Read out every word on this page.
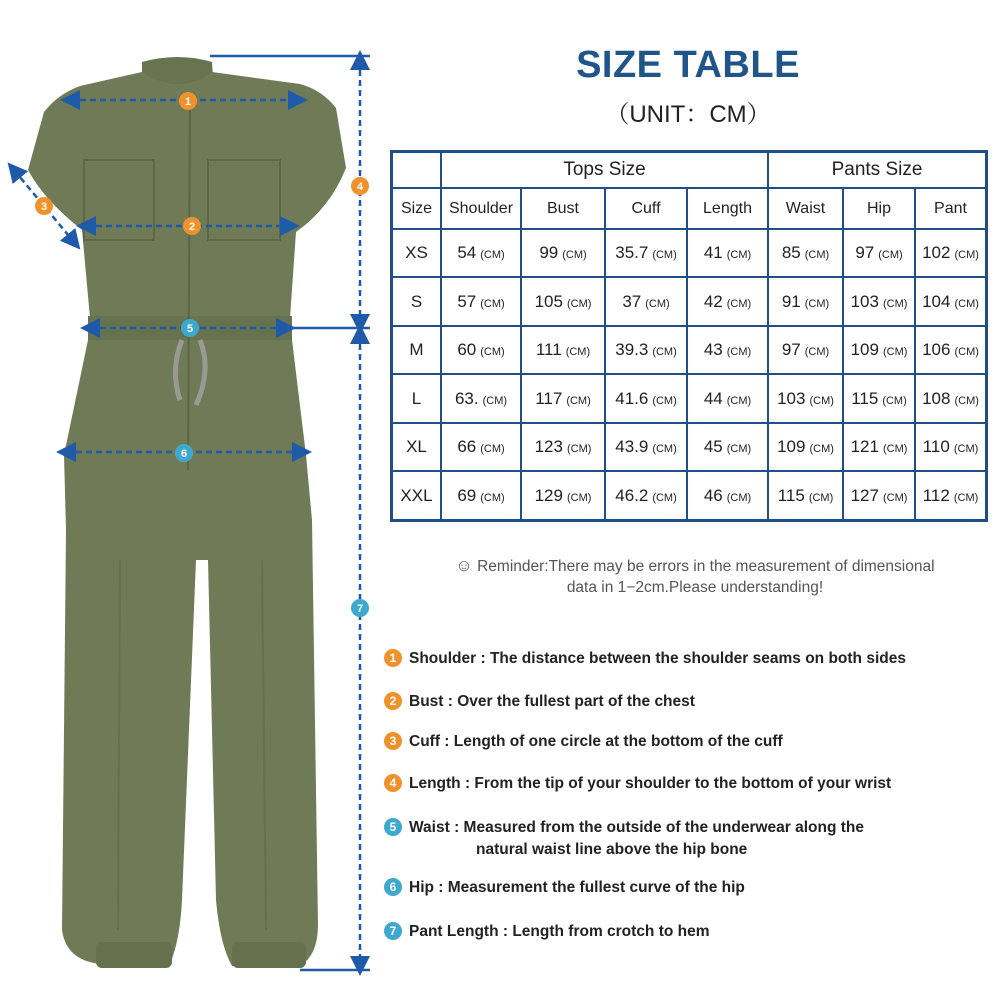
1
2
3
4
5
6
7
SIZE TABLE
（UNIT：CM）
	Tops Size				Pants Size		
Size	Shoulder	Bust	Cuff	Length	Waist	Hip	Pant
XS	54 (CM)	99 (CM)	35.7 (CM)	41 (CM)	85 (CM)	97 (CM)	102 (CM)
S	57 (CM)	105 (CM)	37 (CM)	42 (CM)	91 (CM)	103 (CM)	104 (CM)
M	60 (CM)	111 (CM)	39.3 (CM)	43 (CM)	97 (CM)	109 (CM)	106 (CM)
L	63. (CM)	117 (CM)	41.6 (CM)	44 (CM)	103 (CM)	115 (CM)	108 (CM)
XL	66 (CM)	123 (CM)	43.9 (CM)	45 (CM)	109 (CM)	121 (CM)	110 (CM)
XXL	69 (CM)	129 (CM)	46.2 (CM)	46 (CM)	115 (CM)	127 (CM)	112 (CM)
☺ Reminder:There may be errors in the measurement of dimensional
data in 1−2cm.Please understanding!
1 Shoulder : The distance between the shoulder seams on both sides
2 Bust : Over the fullest part of the chest
3 Cuff : Length of one circle at the bottom of the cuff
4 Length : From the tip of your shoulder to the bottom of your wrist
5 Waist : Measured from the outside of the underwear along the
natural waist line above the hip bone
6 Hip : Measurement the fullest curve of the hip
7 Pant Length : Length from crotch to hem
